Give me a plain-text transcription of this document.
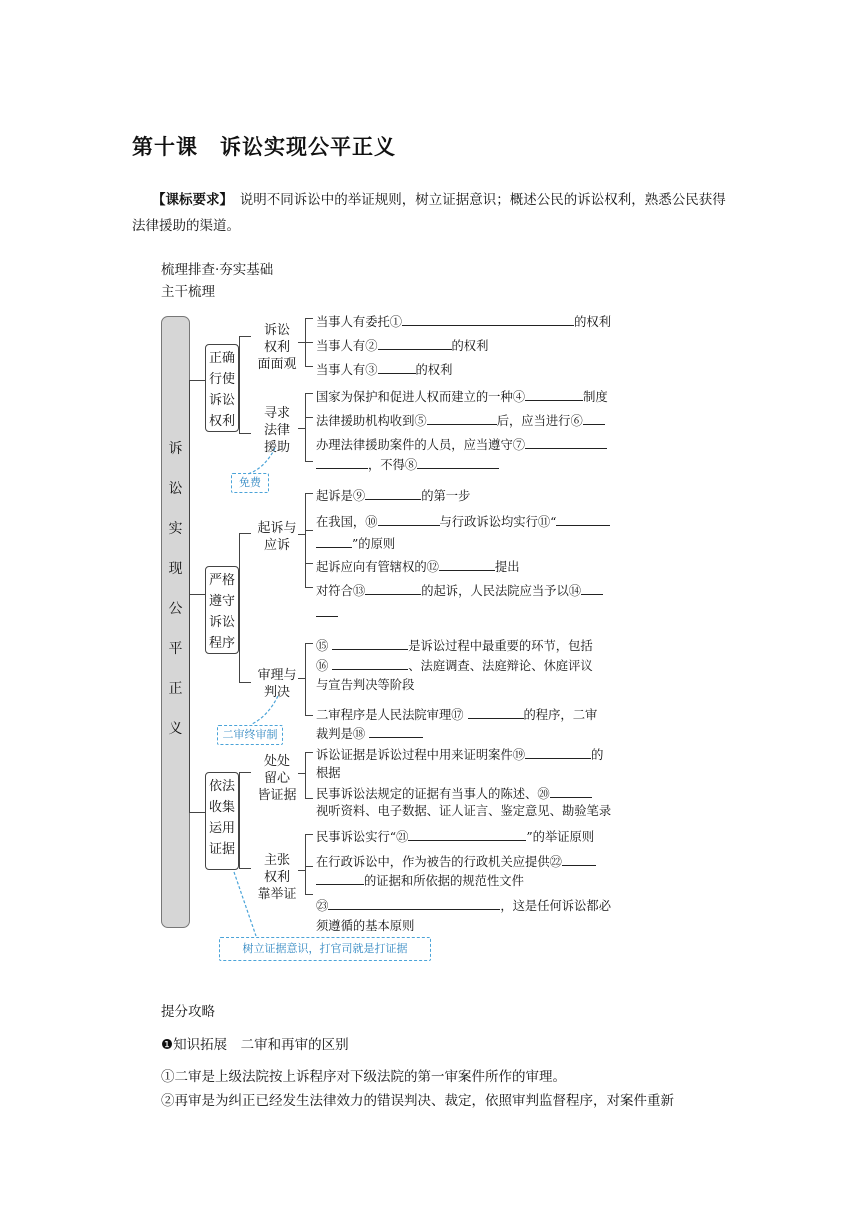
第十课　诉讼实现公平正义
【课标要求】　 说明不同诉讼中的举证规则，树立证据意识；概述公民的诉讼权利，熟悉公民获得法律援助的渠道。
梳理排查·夯实基础
主干梳理
诉
讼
实
现
公
平
正
义
正确
行使
诉讼
权利
严格
遵守
诉讼
程序
依法
收集
运用
证据
诉讼
权利
面面观
寻求
法律
援助
起诉与
应诉
审理与
判决
处处
留心
皆证据
主张
权利
靠举证
当事人有委托①	的权利
当事人有②	的权利
当事人有③	的权利
国家为保护和促进人权而建立的一种④	制度
法律援助机构收到⑤	后，应当进行⑥
办理法律援助案件的人员，应当遵守⑦
，不得⑧
免费
起诉是⑨	的第一步
在我国，⑩	与行政诉讼均实行⑪“
”的原则
起诉应向有管辖权的⑫	提出
对符合⑬	的起诉，人民法院应当予以⑭
⑮	是诉讼过程中最重要的环节，包括
⑯	、法庭调查、法庭辩论、休庭评议
与宣告判决等阶段
二审程序是人民法院审理⑰	的程序，二审
裁判是⑱
二审终审制
诉讼证据是诉讼过程中用来证明案件⑲	的
根据
民事诉讼法规定的证据有当事人的陈述、⑳
视听资料、电子数据、证人证言、鉴定意见、勘验笔录
民事诉讼实行“㉑	”的举证原则
在行政诉讼中，作为被告的行政机关应提供㉒
的证据和所依据的规范性文件
㉓	，这是任何诉讼都必
须遵循的基本原则
树立证据意识，打官司就是打证据
提分攻略
❶知识拓展　 二审和再审的区别
①二审是上级法院按上诉程序对下级法院的第一审案件所作的审理。
②再审是为纠正已经发生法律效力的错误判决、裁定，依照审判监督程序，对案件重新
